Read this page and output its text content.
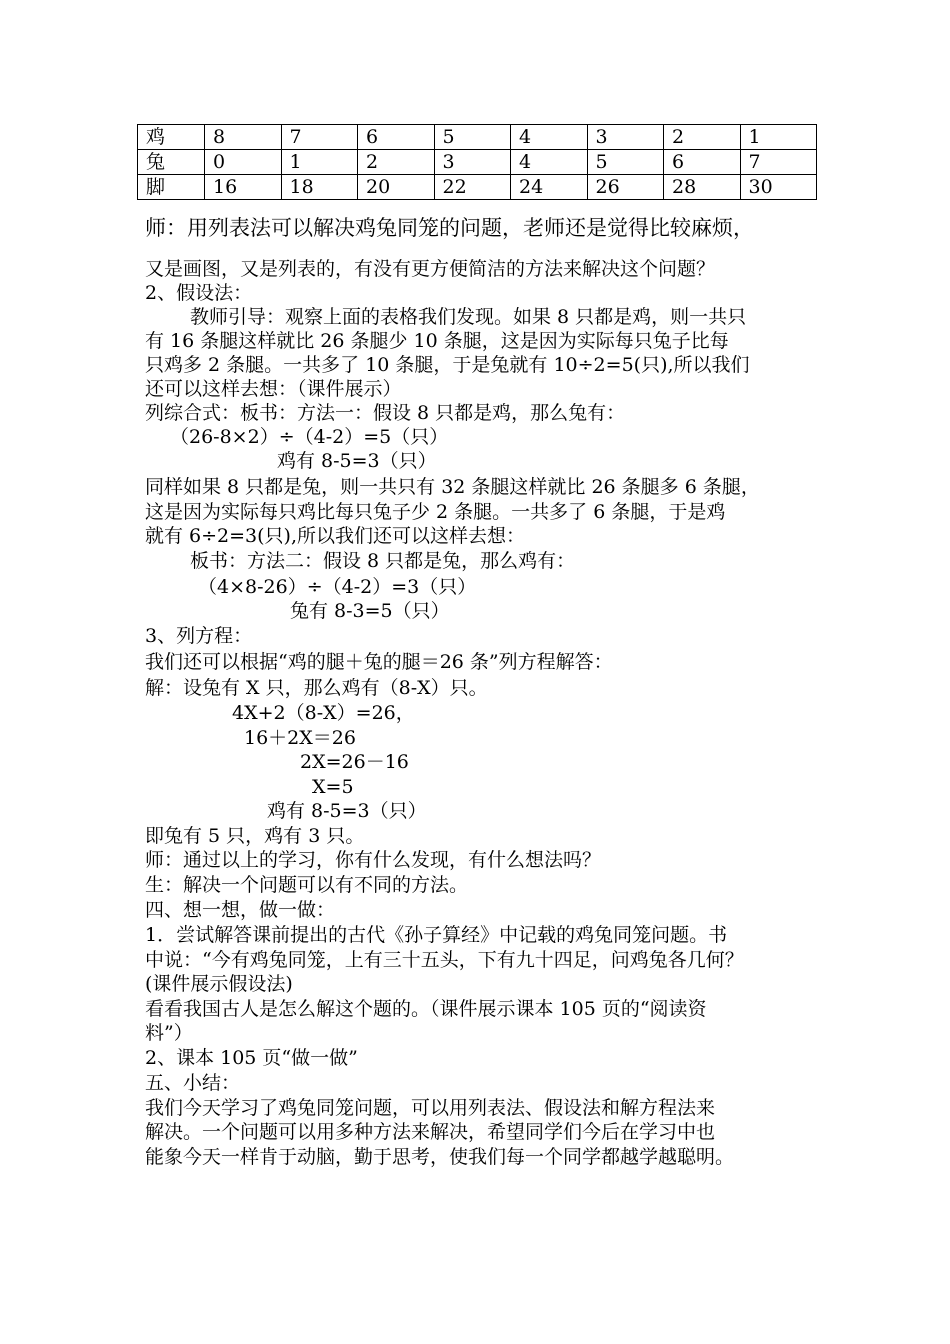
鸡	8	7	6	5	4	3	2	1
兔	0	1	2	3	4	5	6	7
脚	16	18	20	22	24	26	28	30
师：用列表法可以解决鸡兔同笼的问题，老师还是觉得比较麻烦，
又是画图，又是列表的，有没有更方便简洁的方法来解决这个问题？
2、假设法：
教师引导：观察上面的表格我们发现。如果 8 只都是鸡，则一共只
有 16 条腿这样就比 26 条腿少 10 条腿，这是因为实际每只兔子比每
只鸡多 2 条腿。一共多了 10 条腿，于是兔就有 10÷2=5(只),所以我们
还可以这样去想：（课件展示）
列综合式：板书：方法一：假设 8 只都是鸡，那么兔有：
（26-8×2）÷（4-2）=5（只）
鸡有 8-5=3（只）
同样如果 8 只都是兔，则一共只有 32 条腿这样就比 26 条腿多 6 条腿，
这是因为实际每只鸡比每只兔子少 2 条腿。一共多了 6 条腿，于是鸡
就有 6÷2=3(只),所以我们还可以这样去想：
板书：方法二：假设 8 只都是兔，那么鸡有：
（4×8-26）÷（4-2）=3（只）
兔有 8-3=5（只）
3、列方程：
我们还可以根据“鸡的腿＋兔的腿＝26 条”列方程解答：
解：设兔有 X 只，那么鸡有（8-X）只。
4X+2（8-X）=26，
16＋2X＝26
2X=26－16
X=5
鸡有 8-5=3（只）
即兔有 5 只，鸡有 3 只。
师：通过以上的学习，你有什么发现，有什么想法吗？
生：解决一个问题可以有不同的方法。
四、想一想，做一做：
1．尝试解答课前提出的古代《孙子算经》中记载的鸡兔同笼问题。书
中说：“今有鸡兔同笼，上有三十五头，下有九十四足，问鸡兔各几何？
(课件展示假设法)
看看我国古人是怎么解这个题的。（课件展示课本 105 页的“阅读资
料”）
2、课本 105 页“做一做”
五、小结：
我们今天学习了鸡兔同笼问题，可以用列表法、假设法和解方程法来
解决。一个问题可以用多种方法来解决，希望同学们今后在学习中也
能象今天一样肯于动脑，勤于思考，使我们每一个同学都越学越聪明。
